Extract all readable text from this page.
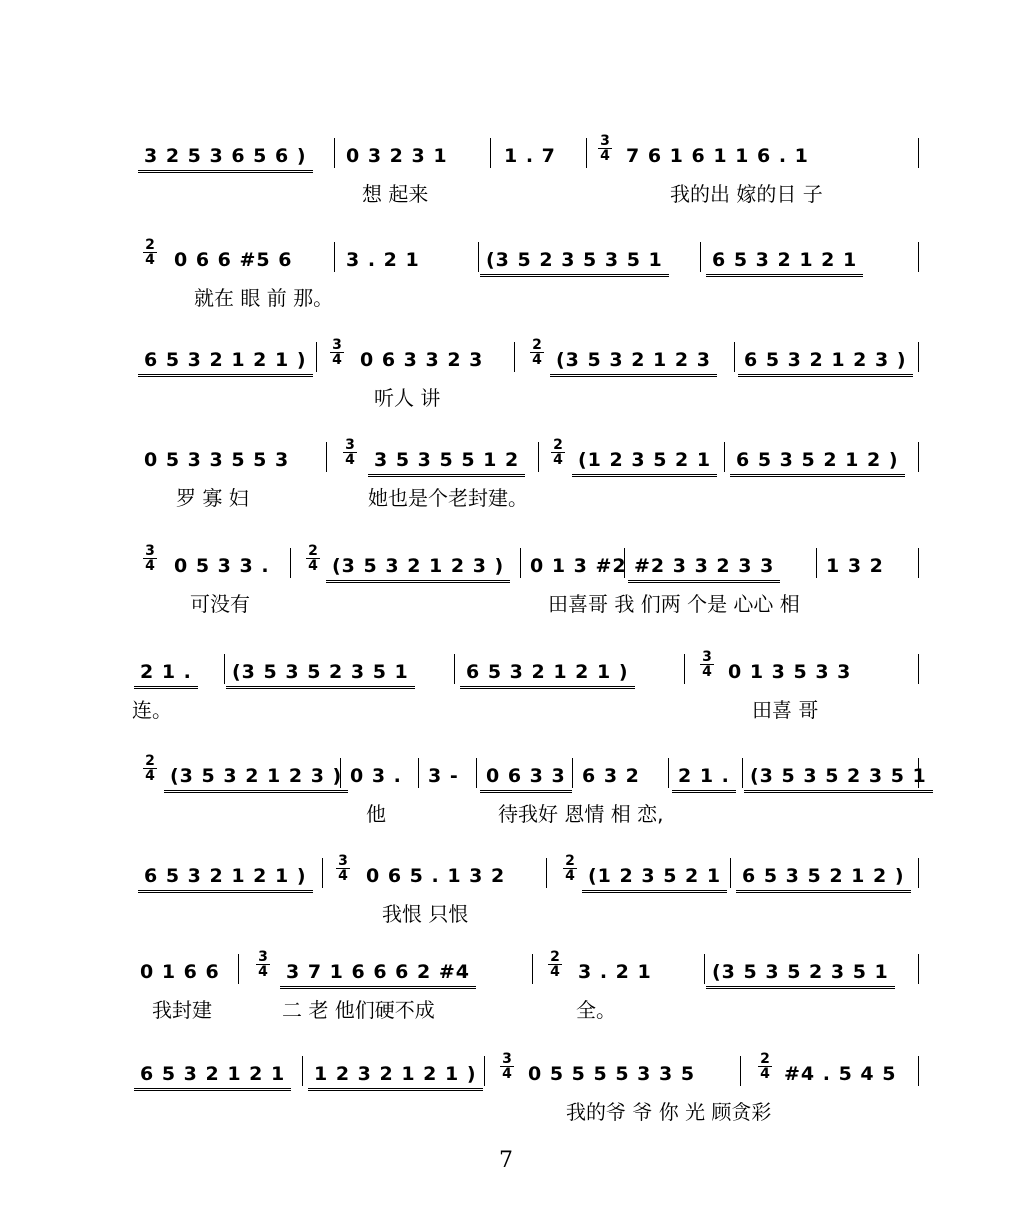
3 2 5 3 6 5 6 )	0 3 2 3 1	1 . 7
3
4 7 6 1 6 1 1 6 . 1
想 起来	我的出 嫁的日 子
2
4	0 6 6 #5 6	3 . 2 1	(3 5 2 3 5 3 5 1	6 5 3 2 1 2 1
就在 眼 前 那。
6 5 3 2 1 2 1 )
3
4 0 6 3 3 2 3
2
4 (3 5 3 2 1 2 3	6 5 3 2 1 2 3 )
听人 讲
0 5 3 3 5 5 3
3
4	3 5 3 5 5 1 2
2
4 (1 2 3 5 2 1	6 5 3 5 2 1 2 )
罗 寡 妇	她也是个老封建。
3
4	0 5 3 3 .
2
4 (3 5 3 2 1 2 3 )	0 1 3 #2 #2 3 3 2 3 3	1 3 2
可没有	田喜哥 我 们两 个是 心心 相
2 1 .	(3 5 3 5 2 3 5 1	6 5 3 2 1 2 1 )
3
4 0 1 3 5 3 3
连。	田喜 哥
2
4 (3 5 3 2 1 2 3 ) 0 3 .	3 -	0 6 3 3 6 3 2	2 1 .	(3 5 3 5 2 3 5 1
他	待我好 恩情 相 恋,
6 5 3 2 1 2 1 )
3
4 0 6 5 . 1 3 2
2
4 (1 2 3 5 2 1	6 5 3 5 2 1 2 )
我恨 只恨
0 1 6 6
3
4 3 7 1 6 6 6 2 #4
2
4 3 . 2 1	(3 5 3 5 2 3 5 1
我封建	二 老 他们硬不成	全。
6 5 3 2 1 2 1	1 2 3 2 1 2 1 )
3
4 0 5 5 5 5 3 3 5
2
4 #4 . 5 4 5
我的爷 爷 你 光 顾贪彩
7
